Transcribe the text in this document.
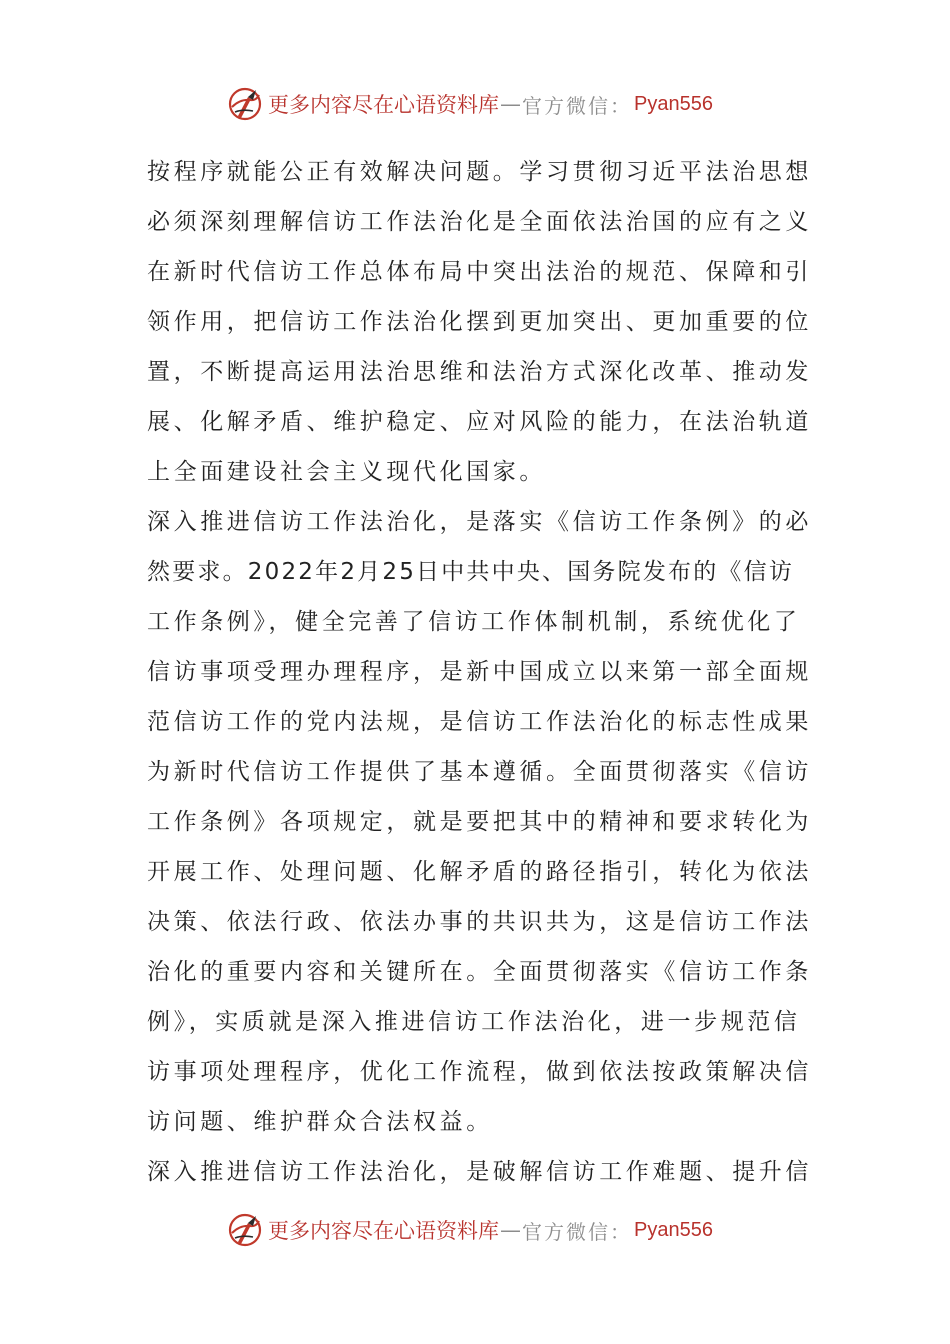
更多内容尽在心语资料库 — 官方微信： Pyan556
按程序就能公正有效解决问题。学习贯彻习近平法治思想
必须深刻理解信访工作法治化是全面依法治国的应有之义
在新时代信访工作总体布局中突出法治的规范、保障和引
领作用，把信访工作法治化摆到更加突出、更加重要的位
置，不断提高运用法治思维和法治方式深化改革、推动发
展、化解矛盾、维护稳定、应对风险的能力，在法治轨道
上全面建设社会主义现代化国家。
深入推进信访工作法治化，是落实《信访工作条例》的必
然要求。2022年2月25日中共中央、国务院发布的《信访
工作条例》，健全完善了信访工作体制机制，系统优化了
信访事项受理办理程序，是新中国成立以来第一部全面规
范信访工作的党内法规，是信访工作法治化的标志性成果
为新时代信访工作提供了基本遵循。全面贯彻落实《信访
工作条例》各项规定，就是要把其中的精神和要求转化为
开展工作、处理问题、化解矛盾的路径指引，转化为依法
决策、依法行政、依法办事的共识共为，这是信访工作法
治化的重要内容和关键所在。全面贯彻落实《信访工作条
例》，实质就是深入推进信访工作法治化，进一步规范信
访事项处理程序，优化工作流程，做到依法按政策解决信
访问题、维护群众合法权益。
深入推进信访工作法治化，是破解信访工作难题、提升信
更多内容尽在心语资料库 — 官方微信： Pyan556
